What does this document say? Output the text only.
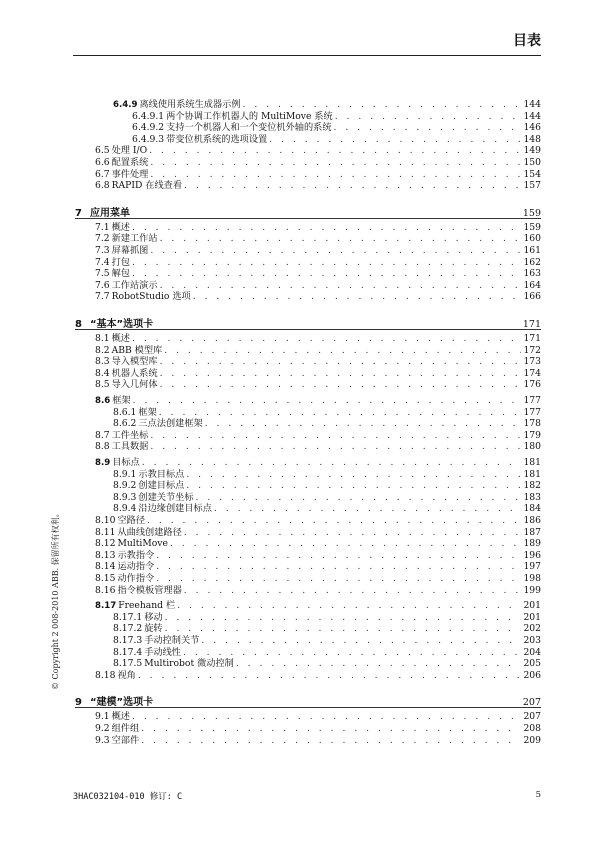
目表
6.4.9 离线使用系统生成器示例 . . .	144
6.4.9.1 两个协调工作机器人的 MultiMove 系统 . . .	144
6.4.9.2 支持一个机器人和一个变位机外轴的系统 . . .	146
6.4.9.3 带变位机系统的选项设置 . . .	148
6.5 处理 I/O . . .	149
6.6 配置系统 . . .	150
6.7 事件处理 . . .	154
6.8 RAPID 在线查看 . . .	157
7 应用菜单	159
7.1 概述 . . .	159
7.2 新建工作站 . . .	160
7.3 屏幕抓图 . . .	161
7.4 打包 . . .	162
7.5 解包 . . .	163
7.6 工作站演示 . . .	164
7.7 RobotStudio 选项 . . .	166
8 “基本”选项卡	171
8.1 概述 . . .	171
8.2 ABB 模型库 . . .	172
8.3 导入模型库 . . .	173
8.4 机器人系统 . . .	174
8.5 导入几何体 . . .	176
8.6 框架 . . .	177
8.6.1 框架 . . .	177
8.6.2 三点法创建框架 . . .	178
8.7 工件坐标 . . .	179
8.8 工具数据 . . .	180
8.9 目标点 . . .	181
8.9.1 示教目标点 . . .	181
8.9.2 创建目标点 . . .	182
8.9.3 创建关节坐标 . . .	183
8.9.4 沿边缘创建目标点 . . .	184
8.10 空路径 . . .	186
8.11 从曲线创建路径 . . .	187
8.12 MultiMove . . .	189
8.13 示教指令 . . .	196
8.14 运动指令 . . .	197
8.15 动作指令 . . .	198
8.16 指令模板管理器 . . .	199
8.17 Freehand 栏 . . .	201
8.17.1 移动 . . .	201
8.17.2 旋转 . . .	202
8.17.3 手动控制关节 . . .	203
8.17.4 手动线性 . . .	204
8.17.5 Multirobot 微动控制 . . .	205
8.18 视角 . . .	206
9 “建模”选项卡	207
9.1 概述 . . .	207
9.2 组件组 . . .	208
9.3 空部件 . . .	209
© Copyright 2 008-2010 ABB. 保留所有权利。
3HAC032104-010 修订: C	5
